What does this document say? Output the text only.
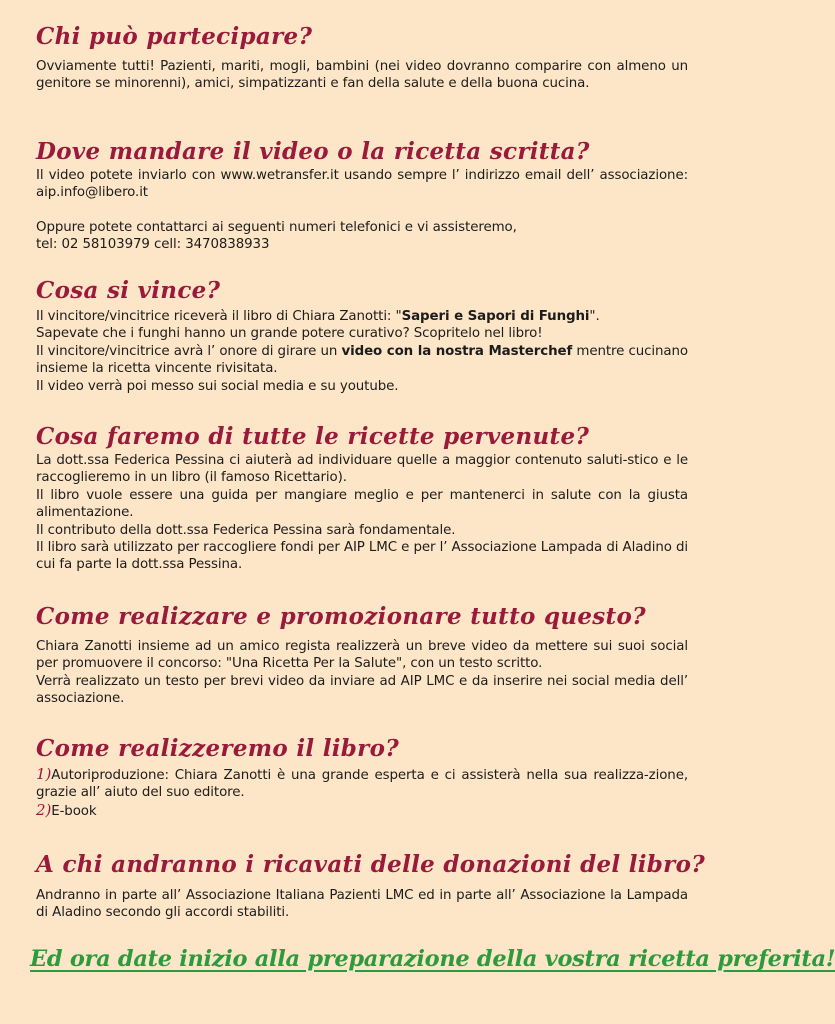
Chi può partecipare?

Ovviamente tutti! Pazienti, mariti, mogli, bambini (nei video dovranno comparire con almeno un genitore se minorenni), amici, simpatizzanti e fan della salute e della buona cucina.

Dove mandare il video o la ricetta scritta?

Il video potete inviarlo con www.wetransfer.it usando sempre l’ indirizzo email dell’ associazione: aip.info@libero.it

Oppure potete contattarci ai seguenti numeri telefonici e vi assisteremo,

tel: 02 58103979 cell: 3470838933

Cosa si vince?

Il vincitore/vincitrice riceverà il libro di Chiara Zanotti: "Saperi e Sapori di Funghi".

Sapevate che i funghi hanno un grande potere curativo? Scopritelo nel libro!

Il vincitore/vincitrice avrà l’ onore di girare un video con la nostra Masterchef mentre cucinano insieme la ricetta vincente rivisitata.

Il video verrà poi messo sui social media e su youtube.

Cosa faremo di tutte le ricette pervenute?

La dott.ssa Federica Pessina ci aiuterà ad individuare quelle a maggior contenuto saluti-stico e le raccoglieremo in un libro (il famoso Ricettario).

Il libro vuole essere una guida per mangiare meglio e per mantenerci in salute con la giusta alimentazione.

Il contributo della dott.ssa Federica Pessina sarà fondamentale.

Il libro sarà utilizzato per raccogliere fondi per AIP LMC e per l’ Associazione Lampada di Aladino di cui fa parte la dott.ssa Pessina.

Come realizzare e promozionare tutto questo?

Chiara Zanotti insieme ad un amico regista realizzerà un breve video da mettere sui suoi social per promuovere il concorso: "Una Ricetta Per la Salute", con un testo scritto.

Verrà realizzato un testo per brevi video da inviare ad AIP LMC e da inserire nei social media dell’ associazione.

Come realizzeremo il libro?

1)Autoriproduzione: Chiara Zanotti è una grande esperta e ci assisterà nella sua realizza-zione, grazie all’ aiuto del suo editore.

2)E-book

A chi andranno i ricavati delle donazioni del libro?

Andranno in parte all’ Associazione Italiana Pazienti LMC ed in parte all’ Associazione la Lampada di Aladino secondo gli accordi stabiliti.

Ed ora date inizio alla preparazione della vostra ricetta preferita!
